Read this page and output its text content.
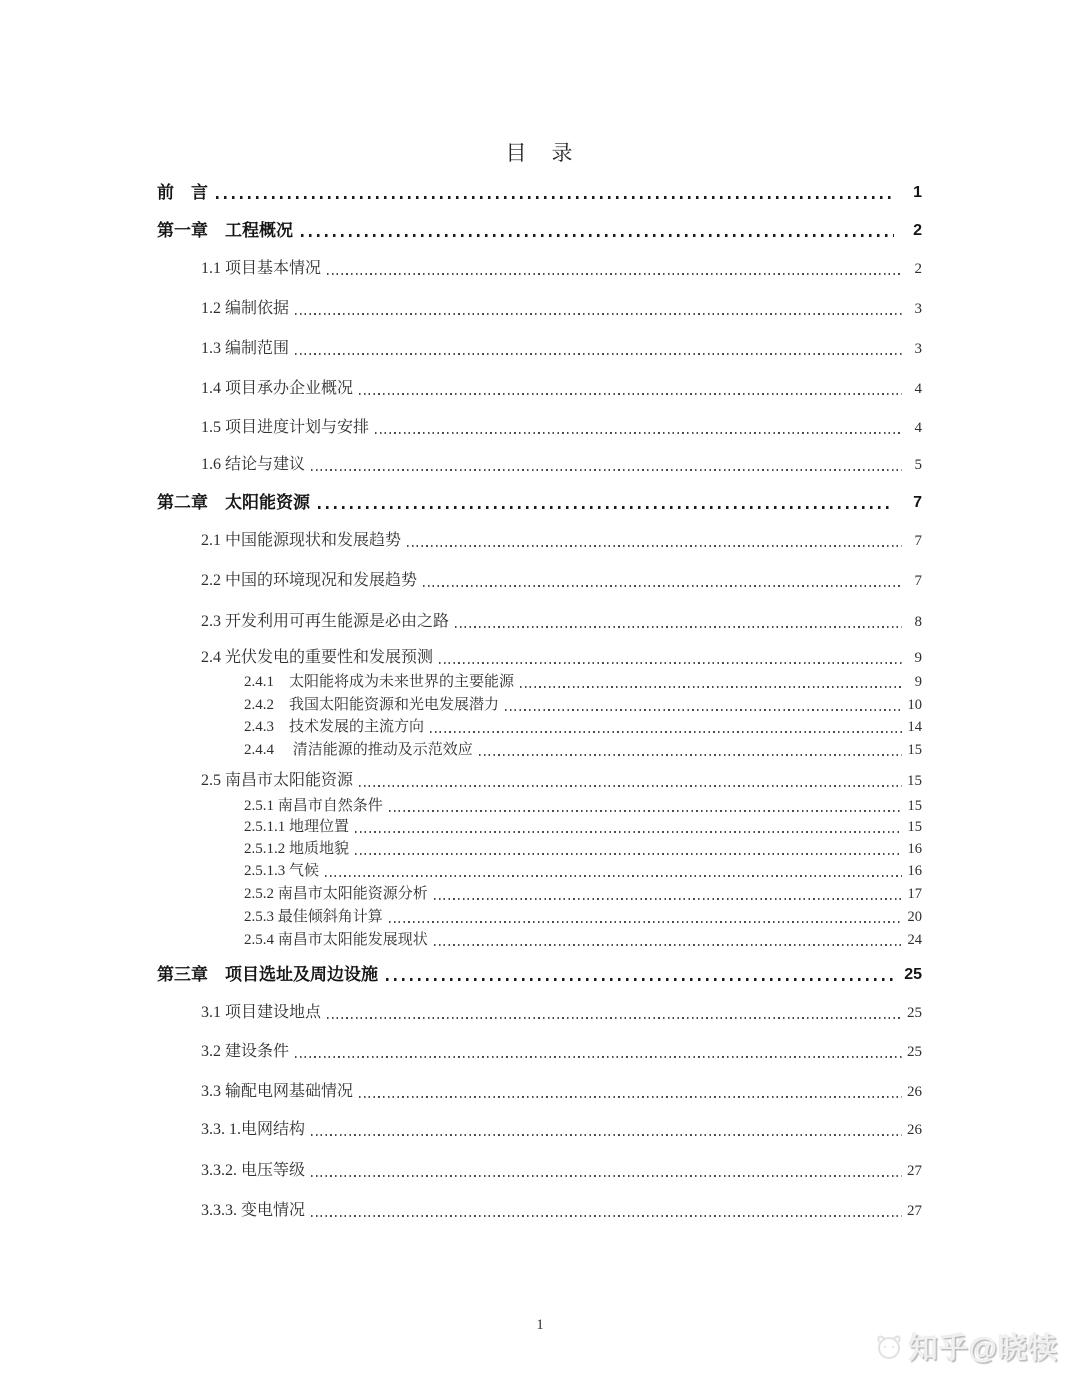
目　录
前　言	1
第一章　工程概况	2
1.1 项目基本情况	2
1.2 编制依据	3
1.3 编制范围	3
1.4 项目承办企业概况	4
1.5 项目进度计划与安排	4
1.6 结论与建议	5
第二章　太阳能资源	7
2.1 中国能源现状和发展趋势	7
2.2 中国的环境现况和发展趋势	7
2.3 开发利用可再生能源是必由之路	8
2.4 光伏发电的重要性和发展预测	9
2.4.1　太阳能将成为未来世界的主要能源	9
2.4.2　我国太阳能资源和光电发展潜力	10
2.4.3　技术发展的主流方向	14
2.4.4　 清洁能源的推动及示范效应	15
2.5 南昌市太阳能资源	15
2.5.1 南昌市自然条件	15
2.5.1.1 地理位置	15
2.5.1.2 地质地貌	16
2.5.1.3 气候	16
2.5.2 南昌市太阳能资源分析	17
2.5.3 最佳倾斜角计算	20
2.5.4 南昌市太阳能发展现状	24
第三章　项目选址及周边设施	25
3.1 项目建设地点	25
3.2 建设条件	25
3.3 输配电网基础情况	26
3.3. 1.电网结构	26
3.3.2. 电压等级	27
3.3.3. 变电情况	27
1
知乎@晓犊
